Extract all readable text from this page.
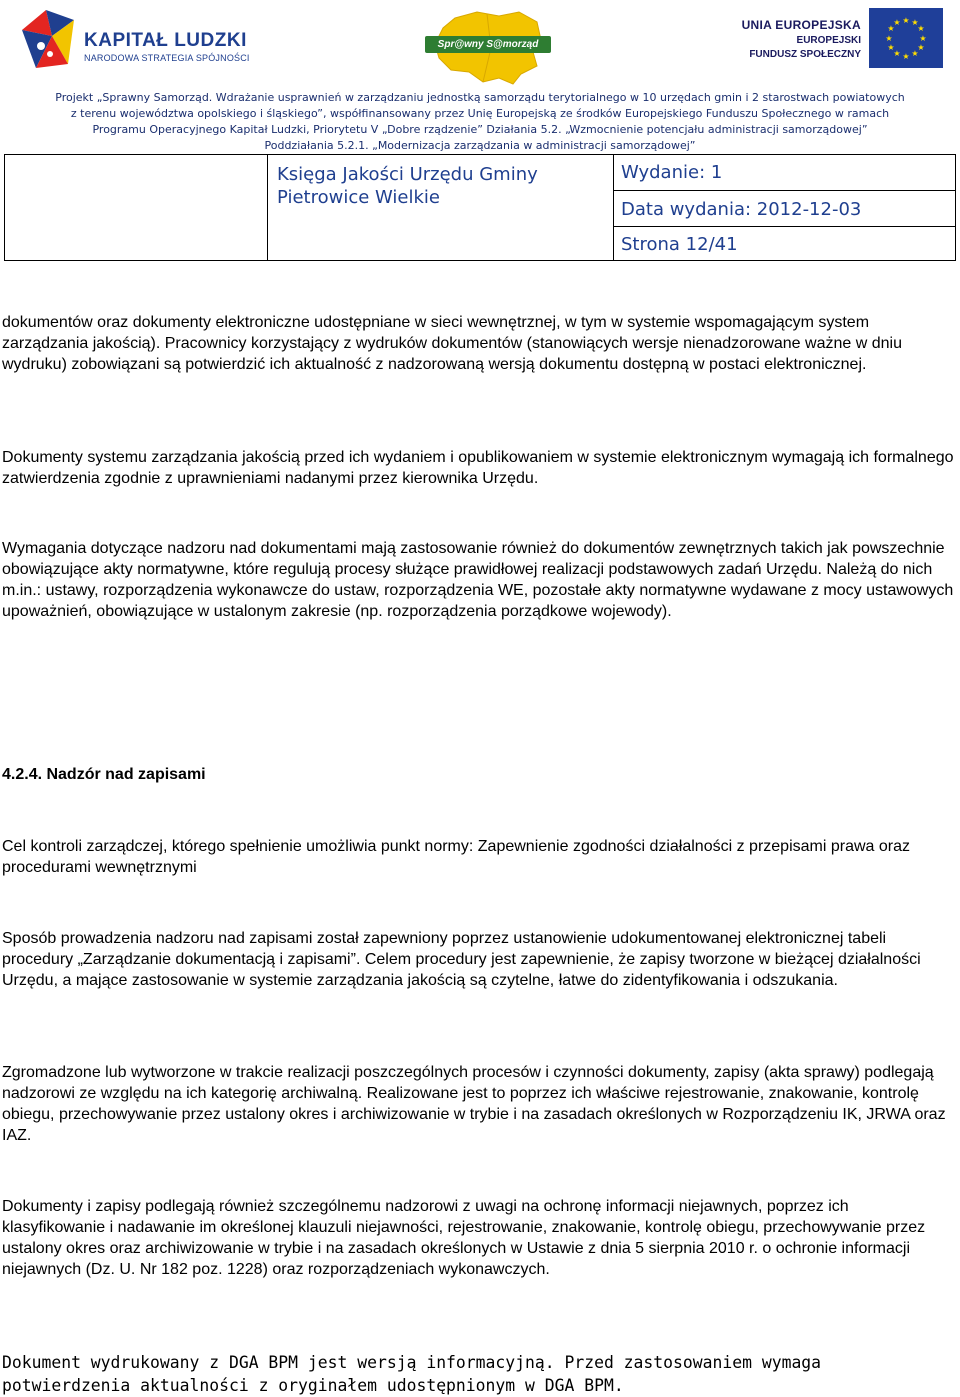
KAPITAŁ LUDZKI
NARODOWA STRATEGIA SPÓJNOŚCI
Spr@wny S@morząd
UNIA EUROPEJSKA
EUROPEJSKI
FUNDUSZ SPOŁECZNY
★ ★
★
★
★
★
★
★
★
★
★
★
Projekt „Sprawny Samorząd. Wdrażanie usprawnień w zarządzaniu jednostką samorządu terytorialnego w 10 urzędach gmin i 2 starostwach powiatowych
z terenu województwa opolskiego i śląskiego”, współfinansowany przez Unię Europejską ze środków Europejskiego Funduszu Społecznego w ramach
Programu Operacyjnego Kapitał Ludzki, Priorytetu V „Dobre rządzenie” Działania 5.2. „Wzmocnienie potencjału administracji samorządowej”
Poddziałania 5.2.1. „Modernizacja zarządzania w administracji samorządowej”
Księga Jakości Urzędu Gminy
Pietrowice Wielkie
Wydanie: 1
Data wydania: 2012-12-03
Strona 12/41

dokumentów oraz dokumenty elektroniczne udostępniane w sieci wewnętrznej, w tym w systemie wspomagającym system zarządzania jakością). Pracownicy korzystający z wydruków dokumentów (stanowiących wersje nienadzorowane ważne w dniu wydruku) zobowiązani są potwierdzić ich aktualność z nadzorowaną wersją dokumentu dostępną w postaci elektronicznej.

Dokumenty systemu zarządzania jakością przed ich wydaniem i opublikowaniem w systemie elektronicznym wymagają ich formalnego zatwierdzenia zgodnie z uprawnieniami nadanymi przez kierownika Urzędu.

Wymagania dotyczące nadzoru nad dokumentami mają zastosowanie również do dokumentów zewnętrznych takich jak powszechnie obowiązujące akty normatywne, które regulują procesy służące prawidłowej realizacji podstawowych zadań Urzędu. Należą do nich m.in.: ustawy, rozporządzenia wykonawcze do ustaw, rozporządzenia WE, pozostałe akty normatywne wydawane z mocy ustawowych upoważnień, obowiązujące w ustalonym zakresie (np. rozporządzenia porządkowe wojewody).

4.2.4. Nadzór nad zapisami

Cel kontroli zarządczej, którego spełnienie umożliwia punkt normy: Zapewnienie zgodności działalności z przepisami prawa oraz procedurami wewnętrznymi

Sposób prowadzenia nadzoru nad zapisami został zapewniony poprzez ustanowienie udokumentowanej elektronicznej tabeli procedury „Zarządzanie dokumentacją i zapisami”. Celem procedury jest zapewnienie, że zapisy tworzone w bieżącej działalności Urzędu, a mające zastosowanie w systemie zarządzania jakością są czytelne, łatwe do zidentyfikowania i odszukania.

Zgromadzone lub wytworzone w trakcie realizacji poszczególnych procesów i czynności dokumenty, zapisy (akta sprawy) podlegają nadzorowi ze względu na ich kategorię archiwalną. Realizowane jest to poprzez ich właściwe rejestrowanie, znakowanie, kontrolę obiegu, przechowywanie przez ustalony okres i archiwizowanie w trybie i na zasadach określonych w Rozporządzeniu IK, JRWA oraz IAZ.

Dokumenty i zapisy podlegają również szczególnemu nadzorowi z uwagi na ochronę informacji niejawnych, poprzez ich klasyfikowanie i nadawanie im określonej klauzuli niejawności, rejestrowanie, znakowanie, kontrolę obiegu, przechowywanie przez ustalony okres oraz archiwizowanie w trybie i na zasadach określonych w Ustawie z dnia 5 sierpnia 2010 r. o ochronie informacji niejawnych (Dz. U. Nr 182 poz. 1228) oraz rozporządzeniach wykonawczych.

Dokument wydrukowany z DGA BPM jest wersją informacyjną. Przed zastosowaniem wymaga
potwierdzenia aktualności z oryginałem udostępnionym w DGA BPM.
